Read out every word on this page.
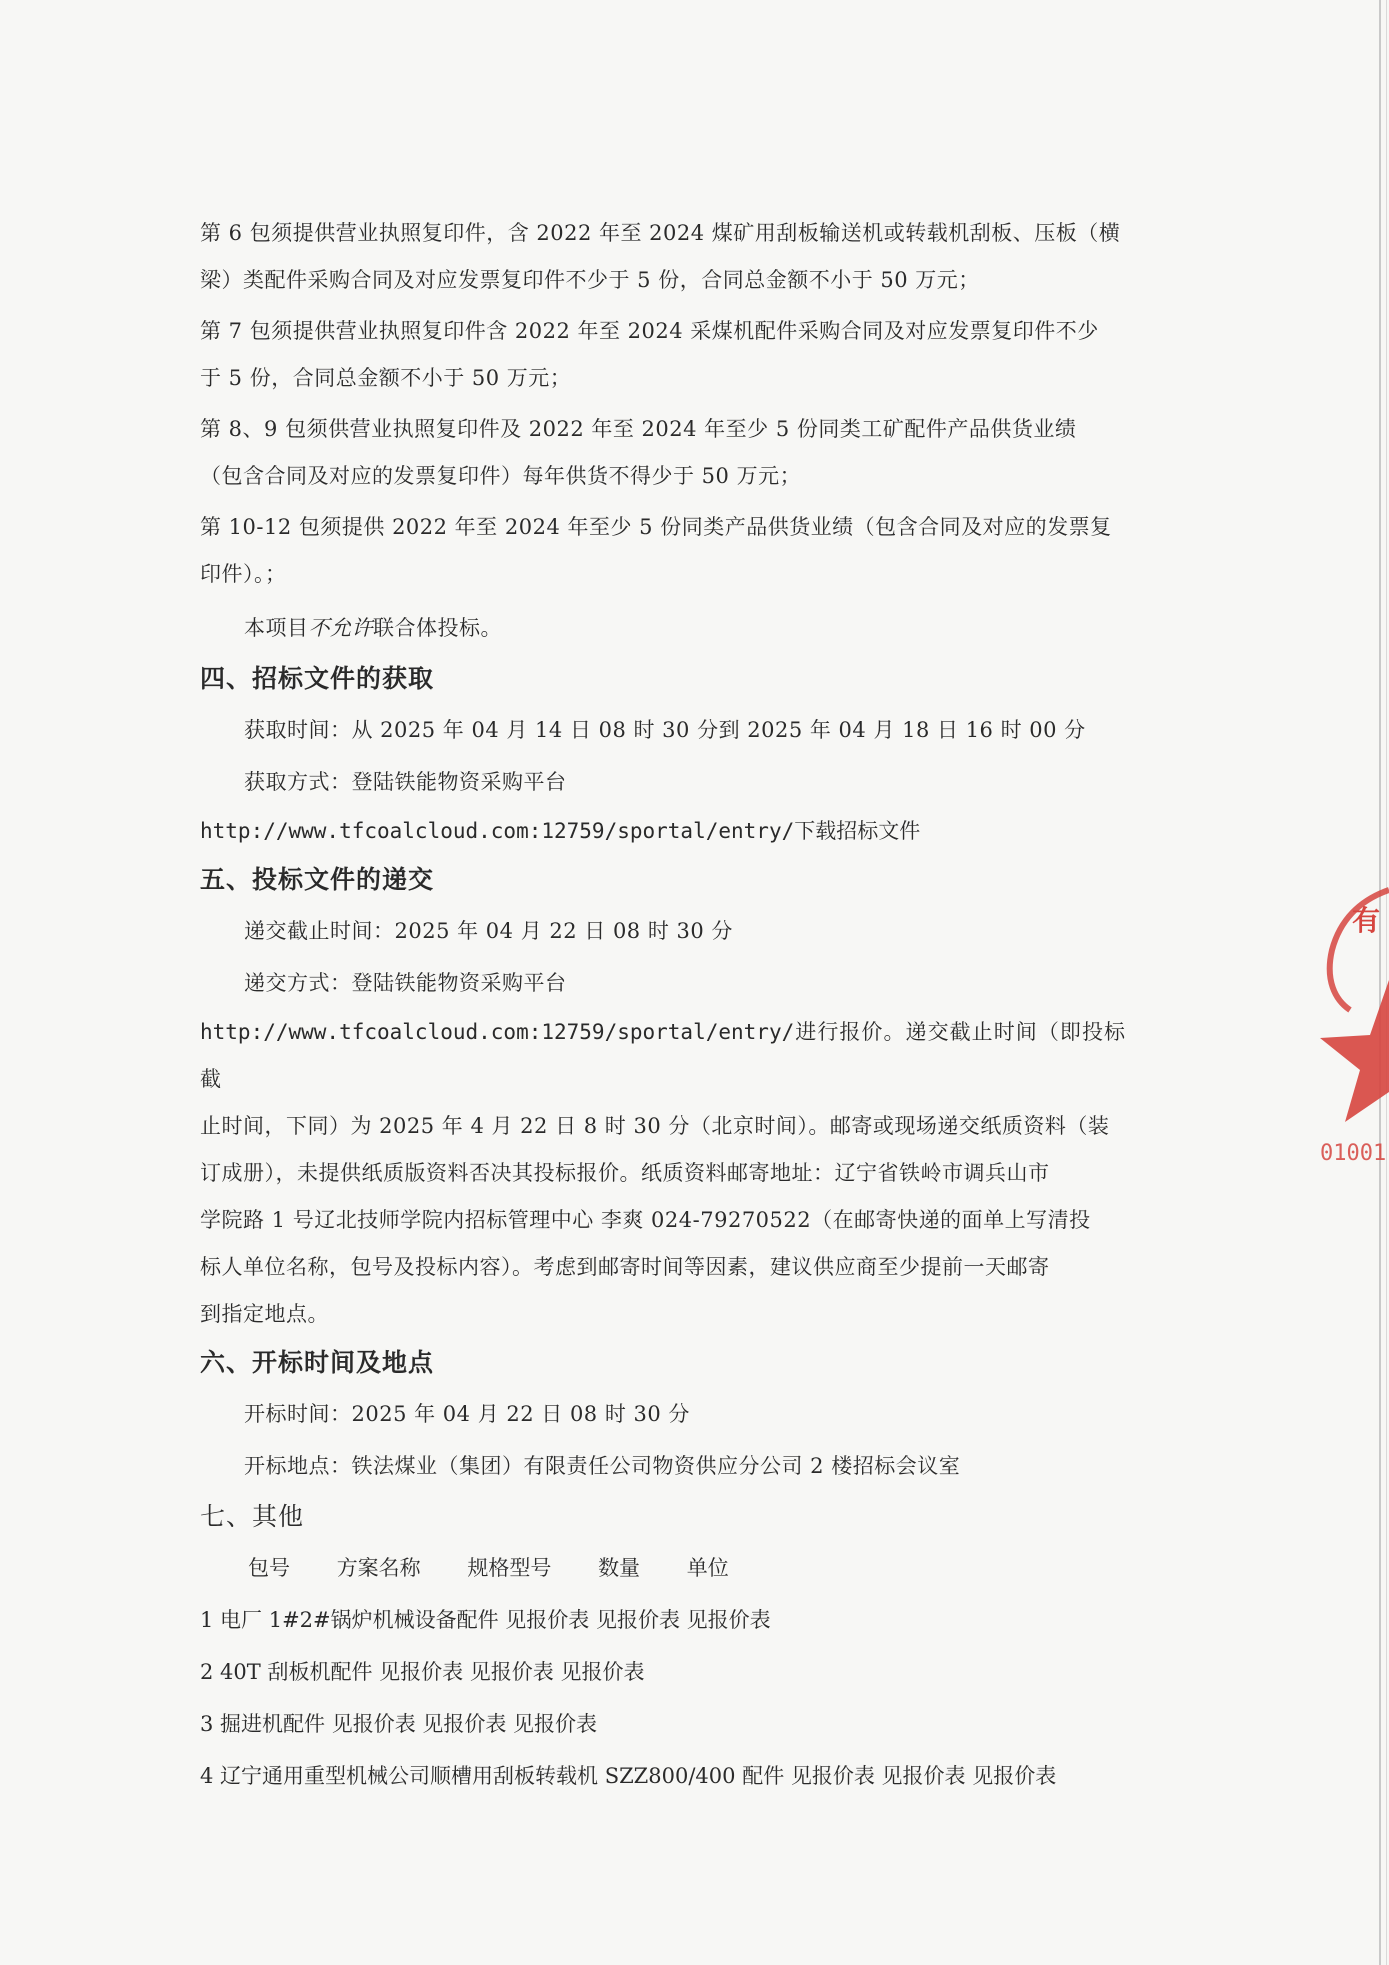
第 6 包须提供营业执照复印件，含 2022 年至 2024 煤矿用刮板输送机或转载机刮板、压板（横

梁）类配件采购合同及对应发票复印件不少于 5 份，合同总金额不小于 50 万元；

第 7 包须提供营业执照复印件含 2022 年至 2024 采煤机配件采购合同及对应发票复印件不少

于 5 份，合同总金额不小于 50 万元；

第 8、9 包须供营业执照复印件及 2022 年至 2024 年至少 5 份同类工矿配件产品供货业绩

（包含合同及对应的发票复印件）每年供货不得少于 50 万元；

第 10-12 包须提供 2022 年至 2024 年至少 5 份同类产品供货业绩（包含合同及对应的发票复

印件）。；

本项目不允许联合体投标。

四、招标文件的获取

获取时间：从 2025 年 04 月 14 日 08 时 30 分到 2025 年 04 月 18 日 16 时 00 分

获取方式：登陆铁能物资采购平台

http://www.tfcoalcloud.com:12759/sportal/entry/下载招标文件

五、投标文件的递交

递交截止时间：2025 年 04 月 22 日 08 时 30 分

递交方式：登陆铁能物资采购平台

http://www.tfcoalcloud.com:12759/sportal/entry/进行报价。递交截止时间（即投标截

止时间，下同）为 2025 年 4 月 22 日 8 时 30 分（北京时间）。邮寄或现场递交纸质资料（装

订成册），未提供纸质版资料否决其投标报价。纸质资料邮寄地址：辽宁省铁岭市调兵山市

学院路 1 号辽北技师学院内招标管理中心 李爽 024-79270522（在邮寄快递的面单上写清投

标人单位名称，包号及投标内容）。考虑到邮寄时间等因素，建议供应商至少提前一天邮寄

到指定地点。

六、开标时间及地点

开标时间：2025 年 04 月 22 日 08 时 30 分

开标地点：铁法煤业（集团）有限责任公司物资供应分公司 2 楼招标会议室

七、其他
包号 方案名称 规格型号 数量 单位
1 电厂 1#2#锅炉机械设备配件 见报价表 见报价表 见报价表
2 40T 刮板机配件 见报价表 见报价表 见报价表
3 掘进机配件 见报价表 见报价表 见报价表
4 辽宁通用重型机械公司顺槽用刮板转载机 SZZ800/400 配件 见报价表 见报价表 见报价表
有
01001
